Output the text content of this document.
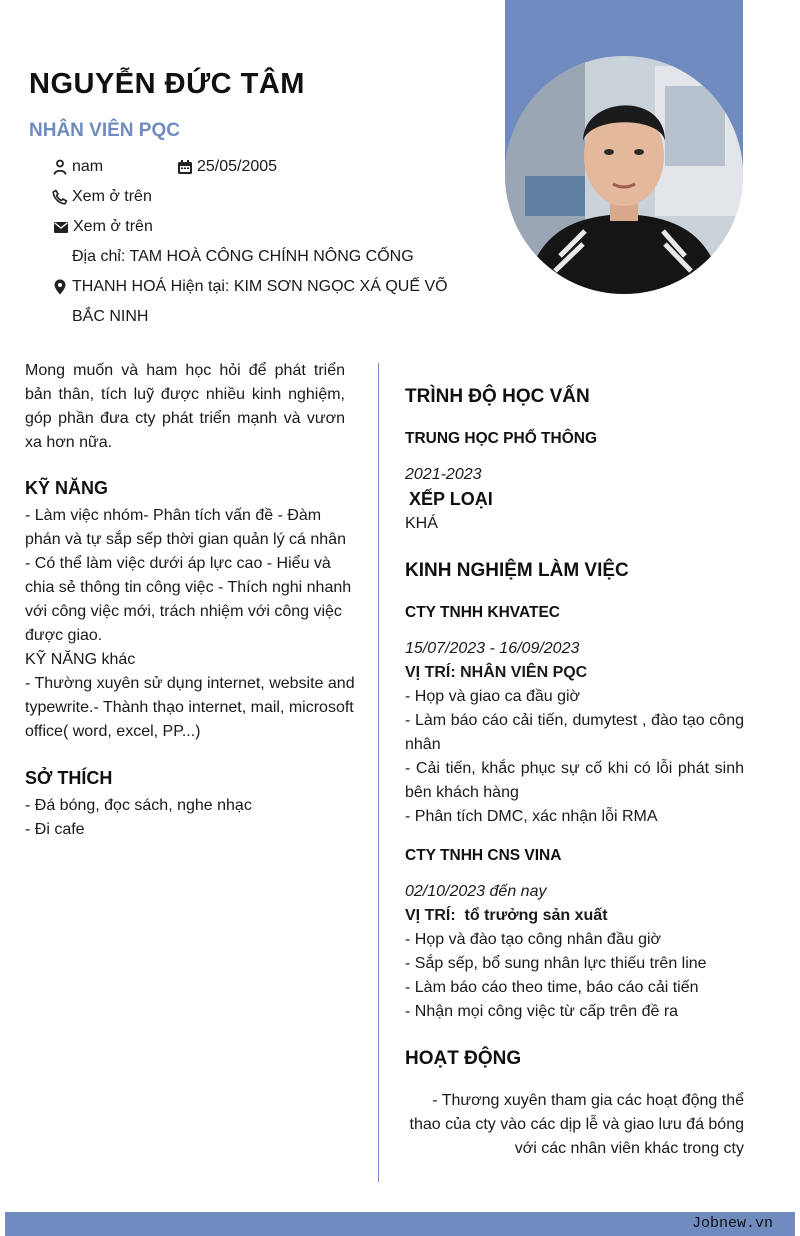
NGUYỄN ĐỨC TÂM
NHÂN VIÊN PQC
nam	25/05/2005
Xem ở trên
Xem ở trên
Địa chỉ: TAM HOÀ CÔNG CHÍNH NÔNG CỐNG
THANH HOÁ Hiện tại: KIM SƠN NGỌC XÁ QUẾ VÕ
BẮC NINH
Mong muốn và ham học hỏi để phát triển bản thân, tích luỹ được nhiều kinh nghiệm, góp phần đưa cty phát triển mạnh và vươn xa hơn nữa.
KỸ NĂNG
- Làm việc nhóm- Phân tích vấn đề - Đàm phán và tự sắp sếp thời gian quản lý cá nhân - Có thể làm việc dưới áp lực cao - Hiểu và chia sẻ thông tin công việc - Thích nghi nhanh với công việc mới, trách nhiệm với công việc được giao.
KỸ NĂNG khác
- Thường xuyên sử dụng internet, website and typewrite.- Thành thạo internet, mail, microsoft office( word, excel, PP...)
SỞ THÍCH
- Đá bóng, đọc sách, nghe nhạc
- Đi cafe
TRÌNH ĐỘ HỌC VẤN
TRUNG HỌC PHỔ THÔNG
2021-2023
XẾP LOẠI
KHÁ
KINH NGHIỆM LÀM VIỆC
CTY TNHH KHVATEC
15/07/2023 - 16/09/2023
VỊ TRÍ: NHÂN VIÊN PQC
- Họp và giao ca đầu giờ
- Làm báo cáo cải tiến, dumytest , đào tạo công nhân
- Cải tiến, khắc phục sự cố khi có lỗi phát sinh bên khách hàng
- Phân tích DMC, xác nhận lỗi RMA
CTY TNHH CNS VINA
02/10/2023 đến nay
VỊ TRÍ:  tổ trưởng sản xuất
- Họp và đào tạo công nhân đầu giờ
- Sắp sếp, bổ sung nhân lực thiếu trên line
- Làm báo cáo theo time, báo cáo cải tiến
- Nhận mọi công việc từ cấp trên đề ra
HOẠT ĐỘNG
- Thương xuyên tham gia các hoạt động thể thao của cty vào các dịp lễ và giao lưu đá bóng với các nhân viên khác trong cty
Jobnew.vn
